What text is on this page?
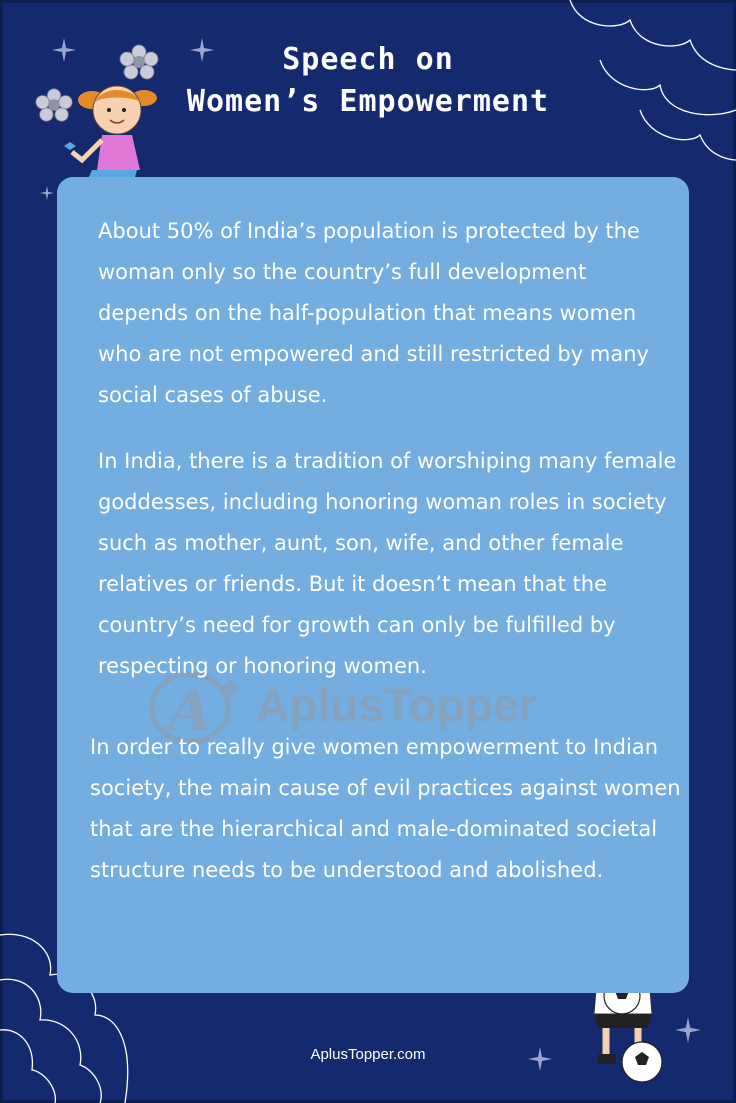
Speech on
Women’s Empowerment
A AplusTopper

About 50% of India’s population is protected by the woman only so the country’s full development depends on the half-population that means women who are not empowered and still restricted by many social cases of abuse.

In India, there is a tradition of worshiping many female goddesses, including honoring woman roles in society such as mother, aunt, son, wife, and other female relatives or friends. But it doesn’t mean that the country’s need for growth can only be fulfilled by respecting or honoring women.

In order to really give women empowerment to Indian society, the main cause of evil practices against women that are the hierarchical and male-dominated societal structure needs to be understood and abolished.

AplusTopper.com
